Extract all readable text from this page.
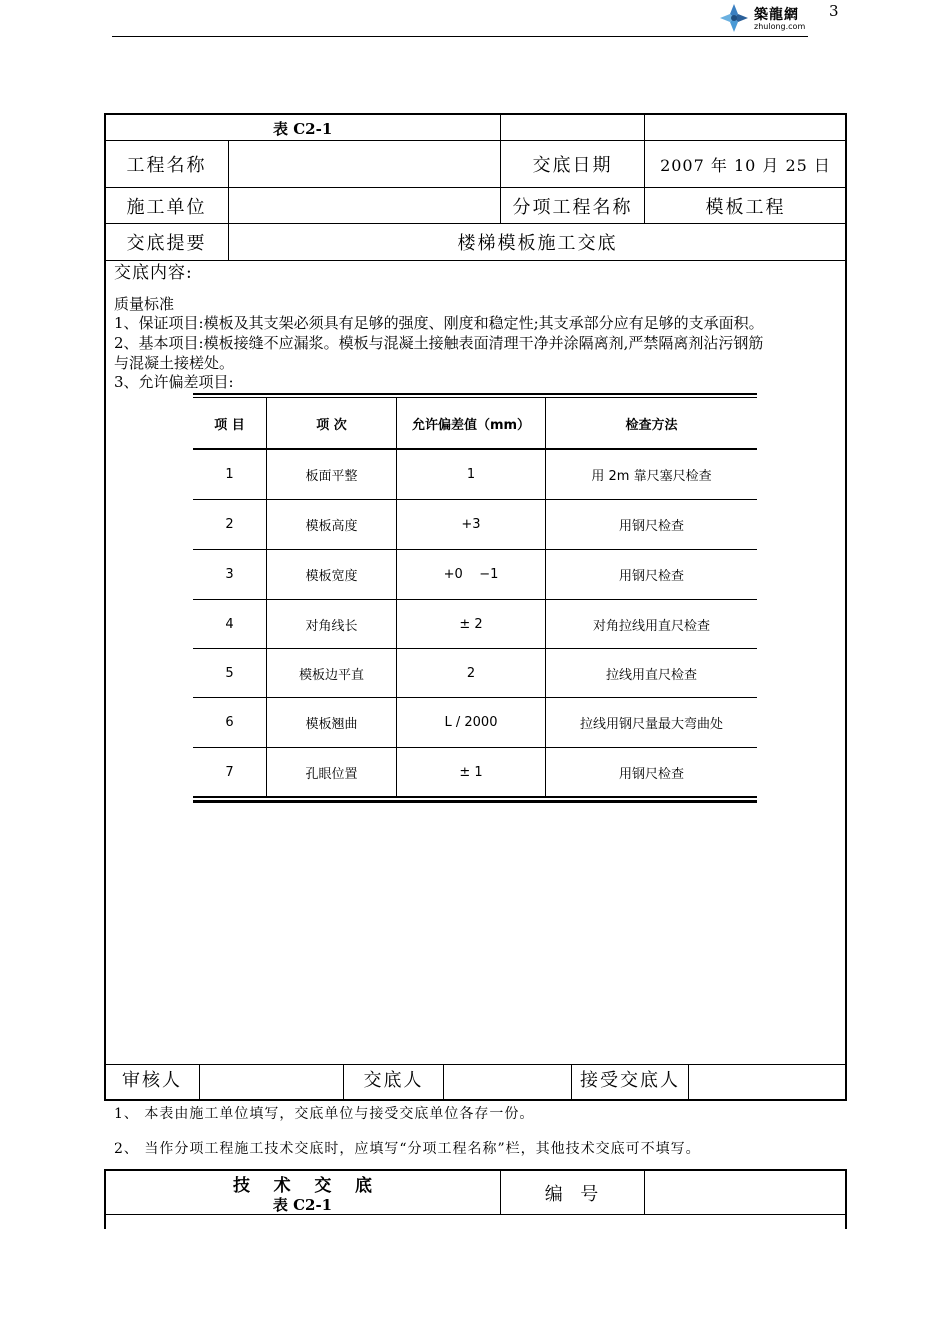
築龍網
zhulong.com
3
表 C2-1
工程名称	交底日期	2007 年 10 月 25 日
施工单位	分项工程名称	模板工程
交底提要	楼梯模板施工交底
交底内容:
质量标准
1、保证项目:模板及其支架必须具有足够的强度、刚度和稳定性;其支承部分应有足够的支承面积。
2、基本项目:模板接缝不应漏浆。模板与混凝土接触表面清理干净并涂隔离剂,严禁隔离剂沾污钢筋
与混凝土接槎处。
3、允许偏差项目:
项 目	项 次	允许偏差值（mm）	检查方法
1	板面平整	1	用 2m 靠尺塞尺检查
2	模板高度	+3	用钢尺检查
3	模板宽度	+0    −1	用钢尺检查
4	对角线长	± 2	对角拉线用直尺检查
5	模板边平直	2	拉线用直尺检查
6	模板翘曲	L / 2000	拉线用钢尺量最大弯曲处
7	孔眼位置	± 1	用钢尺检查
审核人	交底人	接受交底人
1、 本表由施工单位填写，交底单位与接受交底单位各存一份。
2、 当作分项工程施工技术交底时，应填写“分项工程名称”栏，其他技术交底可不填写。
技    术    交    底
表 C2-1	编  号
